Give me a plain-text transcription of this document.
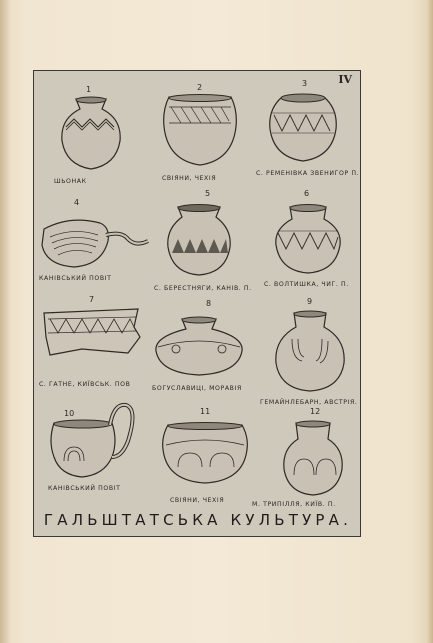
IV
1
ШЬОНАК
2
СВІЯНИ, ЧЕХІЯ
3
С. РЕМЕНІВКА ЗВЕНИГОР П.
4
КАНІВСЬКИЙ ПОВІТ
5
С. БЕРЕСТНЯГИ, КАНІВ. П.
6
С. ВОЛТИШКА, ЧИГ. П.
7
С. ГАТНЕ, КИЇВСЬК. ПОВ
8
БОГУСЛАВИЦІ, МОРАВІЯ
9
ГЕМАЙНЛЕБАРН, АВСТРІЯ.
10
КАНІВСЬКИЙ ПОВІТ
11
СВІЯНИ, ЧЕХІЯ
12
М. ТРИПІЛЛЯ, КИЇВ. П.
ГАЛЬШТАТСЬКА КУЛЬТУРА.
